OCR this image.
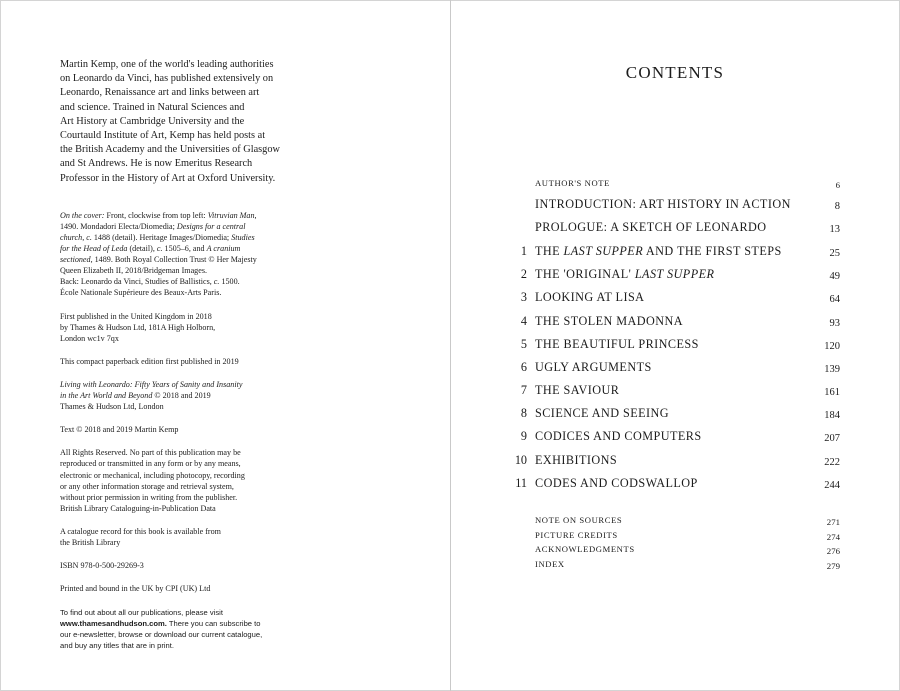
Martin Kemp, one of the world's leading authorities
on Leonardo da Vinci, has published extensively on
Leonardo, Renaissance art and links between art
and science. Trained in Natural Sciences and
Art History at Cambridge University and the
Courtauld Institute of Art, Kemp has held posts at
the British Academy and the Universities of Glasgow
and St Andrews. He is now Emeritus Research
Professor in the History of Art at Oxford University.

On the cover: Front, clockwise from top left: Vitruvian Man,
1490. Mondadori Electa/Diomedia; Designs for a central
church, c. 1488 (detail). Heritage Images/Diomedia; Studies
for the Head of Leda (detail), c. 1505–6, and A cranium
sectioned, 1489. Both Royal Collection Trust © Her Majesty
Queen Elizabeth II, 2018/Bridgeman Images.
Back: Leonardo da Vinci, Studies of Ballistics, c. 1500.
École Nationale Supérieure des Beaux-Arts Paris.

First published in the United Kingdom in 2018
by Thames & Hudson Ltd, 181A High Holborn,
London wc1v 7qx

This compact paperback edition first published in 2019

Living with Leonardo: Fifty Years of Sanity and Insanity
in the Art World and Beyond © 2018 and 2019
Thames & Hudson Ltd, London

Text © 2018 and 2019 Martin Kemp

All Rights Reserved. No part of this publication may be
reproduced or transmitted in any form or by any means,
electronic or mechanical, including photocopy, recording
or any other information storage and retrieval system,
without prior permission in writing from the publisher.
British Library Cataloguing-in-Publication Data

A catalogue record for this book is available from
the British Library

ISBN 978-0-500-29269-3

Printed and bound in the UK by CPI (UK) Ltd

To find out about all our publications, please visit
www.thamesandhudson.com. There you can subscribe to
our e-newsletter, browse or download our current catalogue,
and buy any titles that are in print.
CONTENTS
AUTHOR'S NOTE	6
INTRODUCTION: ART HISTORY IN ACTION	8
PROLOGUE: A SKETCH OF LEONARDO	13
1 THE LAST SUPPER AND THE FIRST STEPS	25
2 THE 'ORIGINAL' LAST SUPPER	49
3 LOOKING AT LISA	64
4 THE STOLEN MADONNA	93
5 THE BEAUTIFUL PRINCESS	120
6 UGLY ARGUMENTS	139
7 THE SAVIOUR	161
8 SCIENCE AND SEEING	184
9 CODICES AND COMPUTERS	207
10 EXHIBITIONS	222
11 CODES AND CODSWALLOP	244
NOTE ON SOURCES	271
PICTURE CREDITS	274
ACKNOWLEDGMENTS	276
INDEX	279
